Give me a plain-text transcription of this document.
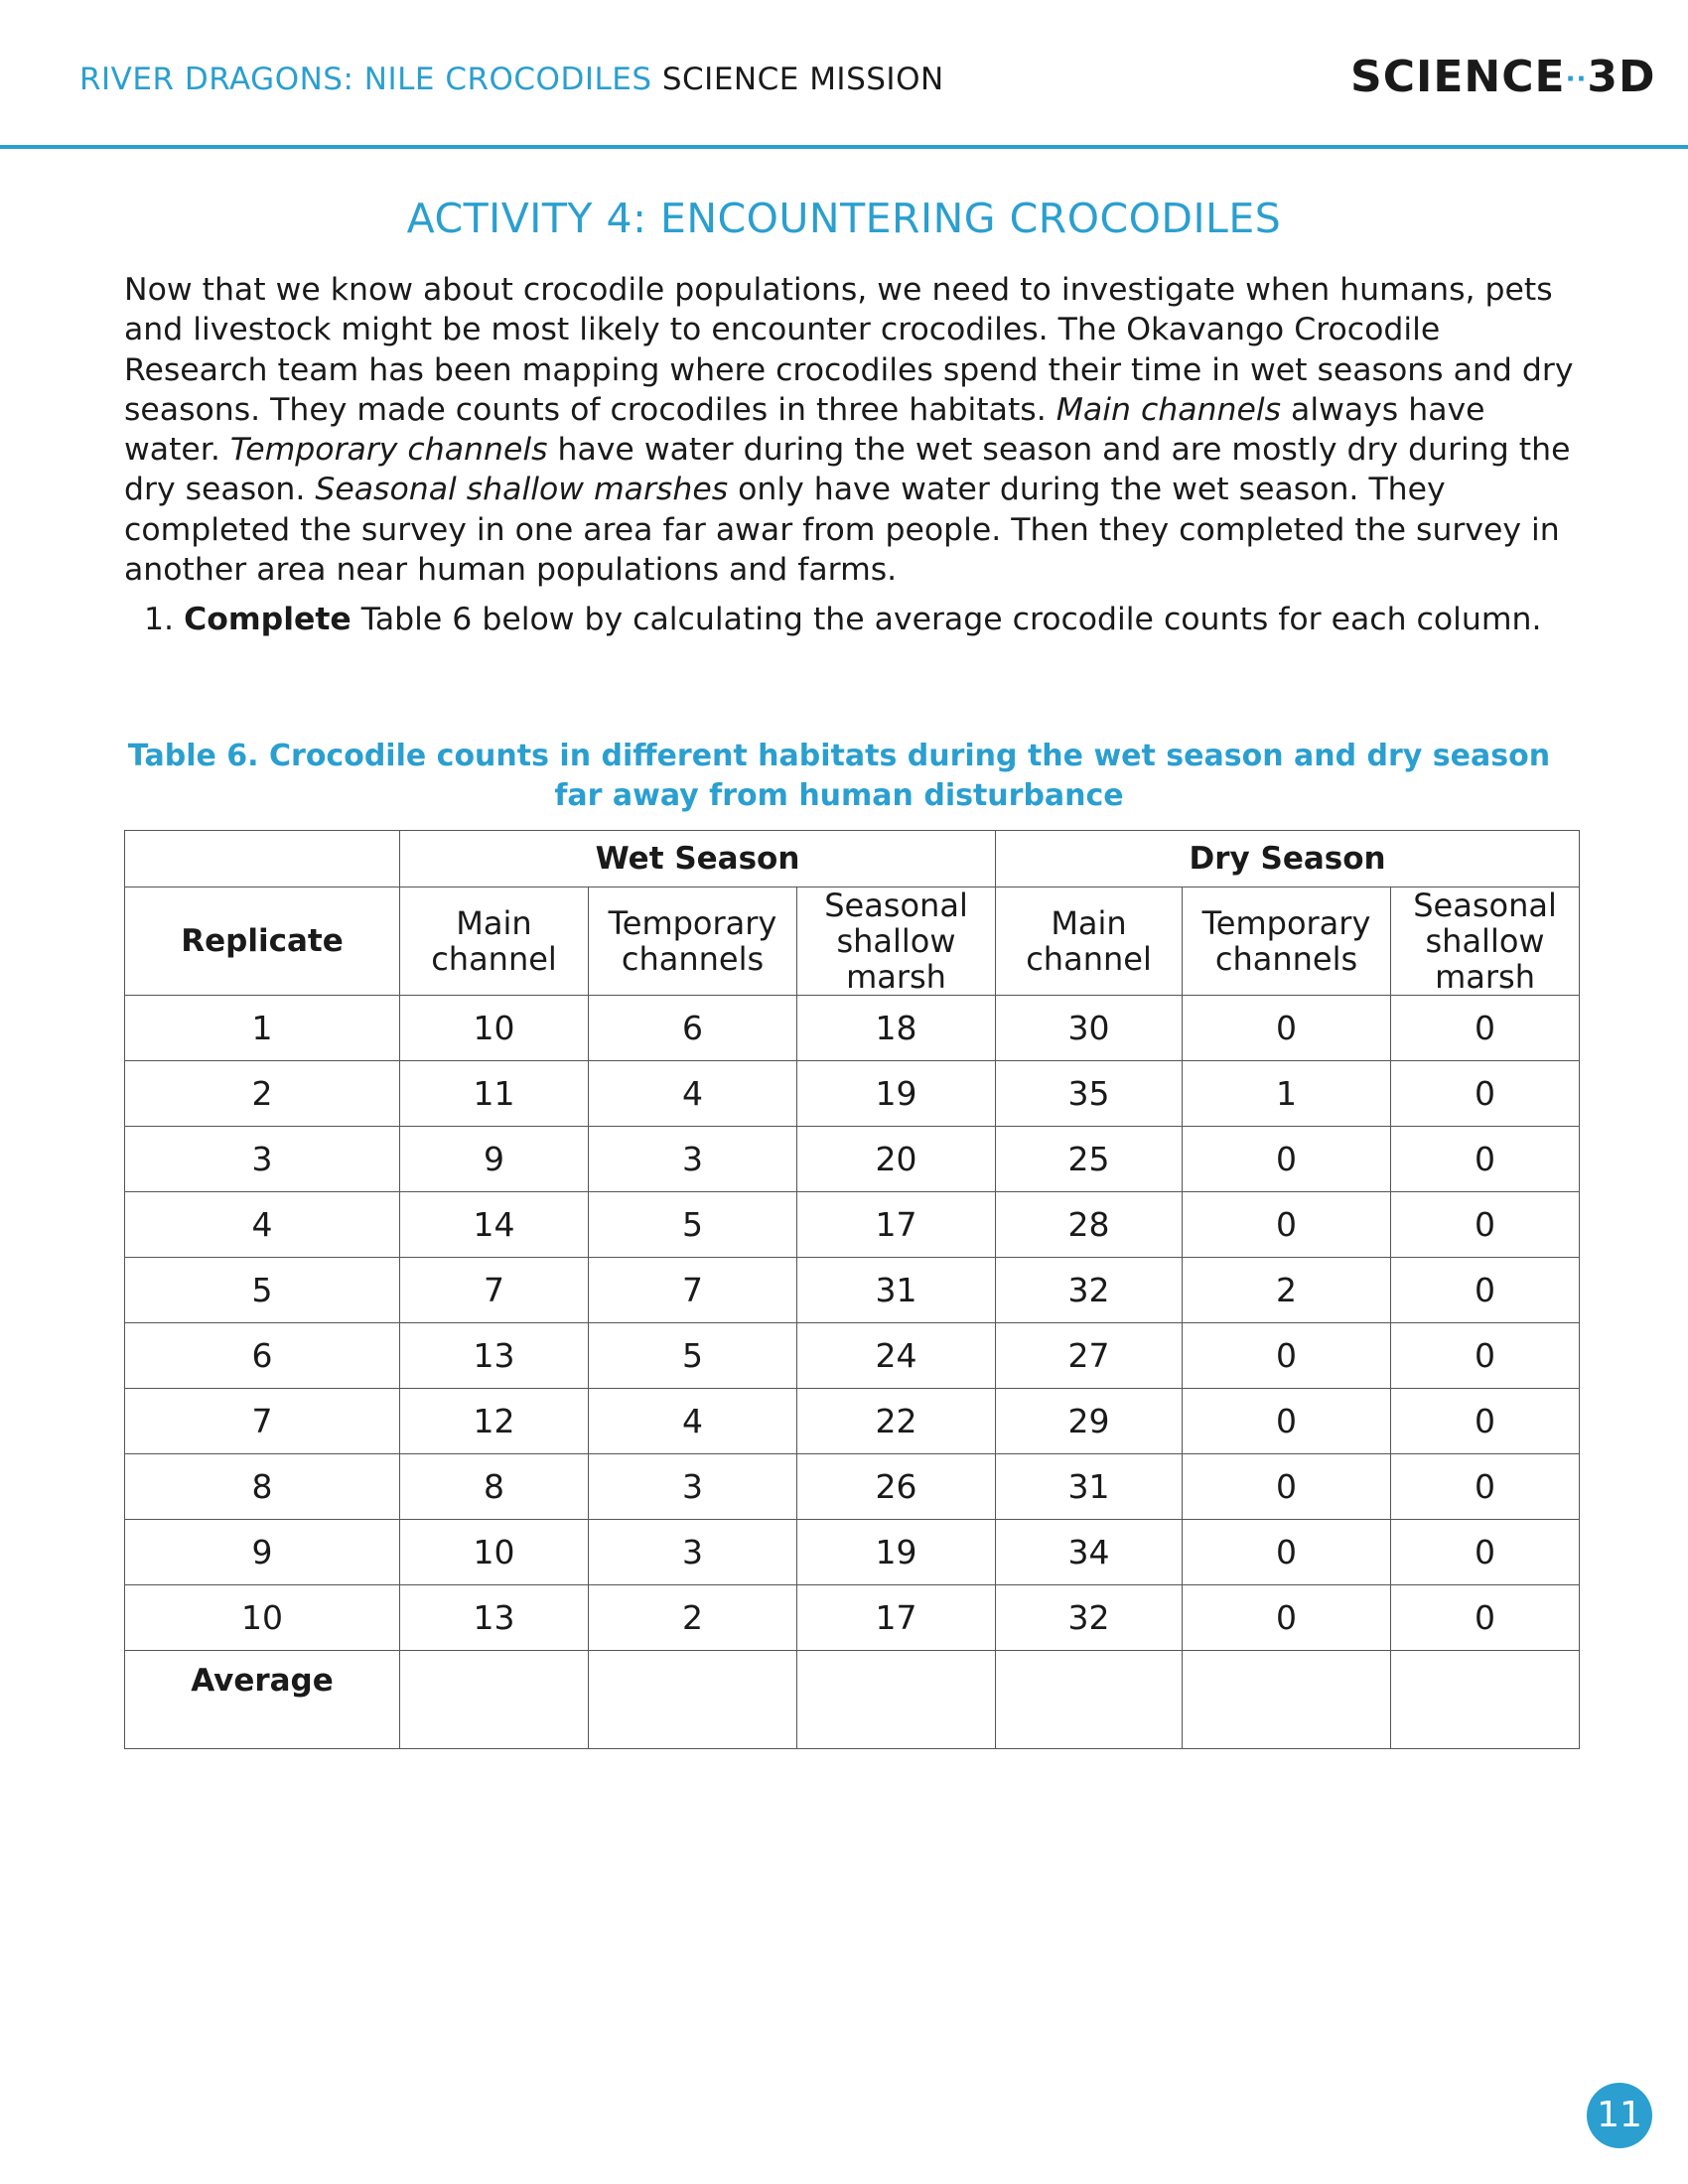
RIVER DRAGONS: NILE CROCODILES SCIENCE MISSION	SCIENCE··3D
ACTIVITY 4: ENCOUNTERING CROCODILES

Now that we know about crocodile populations, we need to investigate when humans, pets and livestock might be most likely to encounter crocodiles. The Okavango Crocodile Research team has been mapping where crocodiles spend their time in wet seasons and dry seasons. They made counts of crocodiles in three habitats. Main channels always have water. Temporary channels have water during the wet season and are mostly dry during the dry season. Seasonal shallow marshes only have water during the wet season. They completed the survey in one area far awar from people. Then they completed the survey in another area near human populations and farms.

1. Complete Table 6 below by calculating the average crocodile counts for each column.

Table 6. Crocodile counts in different habitats during the wet season and dry season far away from human disturbance
	Wet Season			Dry Season		
Replicate	Main channel	Temporary channels	Seasonal shallow marsh	Main channel	Temporary channels	Seasonal shallow marsh
1	10	6	18	30	0	0
2	11	4	19	35	1	0
3	9	3	20	25	0	0
4	14	5	17	28	0	0
5	7	7	31	32	2	0
6	13	5	24	27	0	0
7	12	4	22	29	0	0
8	8	3	26	31	0	0
9	10	3	19	34	0	0
10	13	2	17	32	0	0
Average						
11
